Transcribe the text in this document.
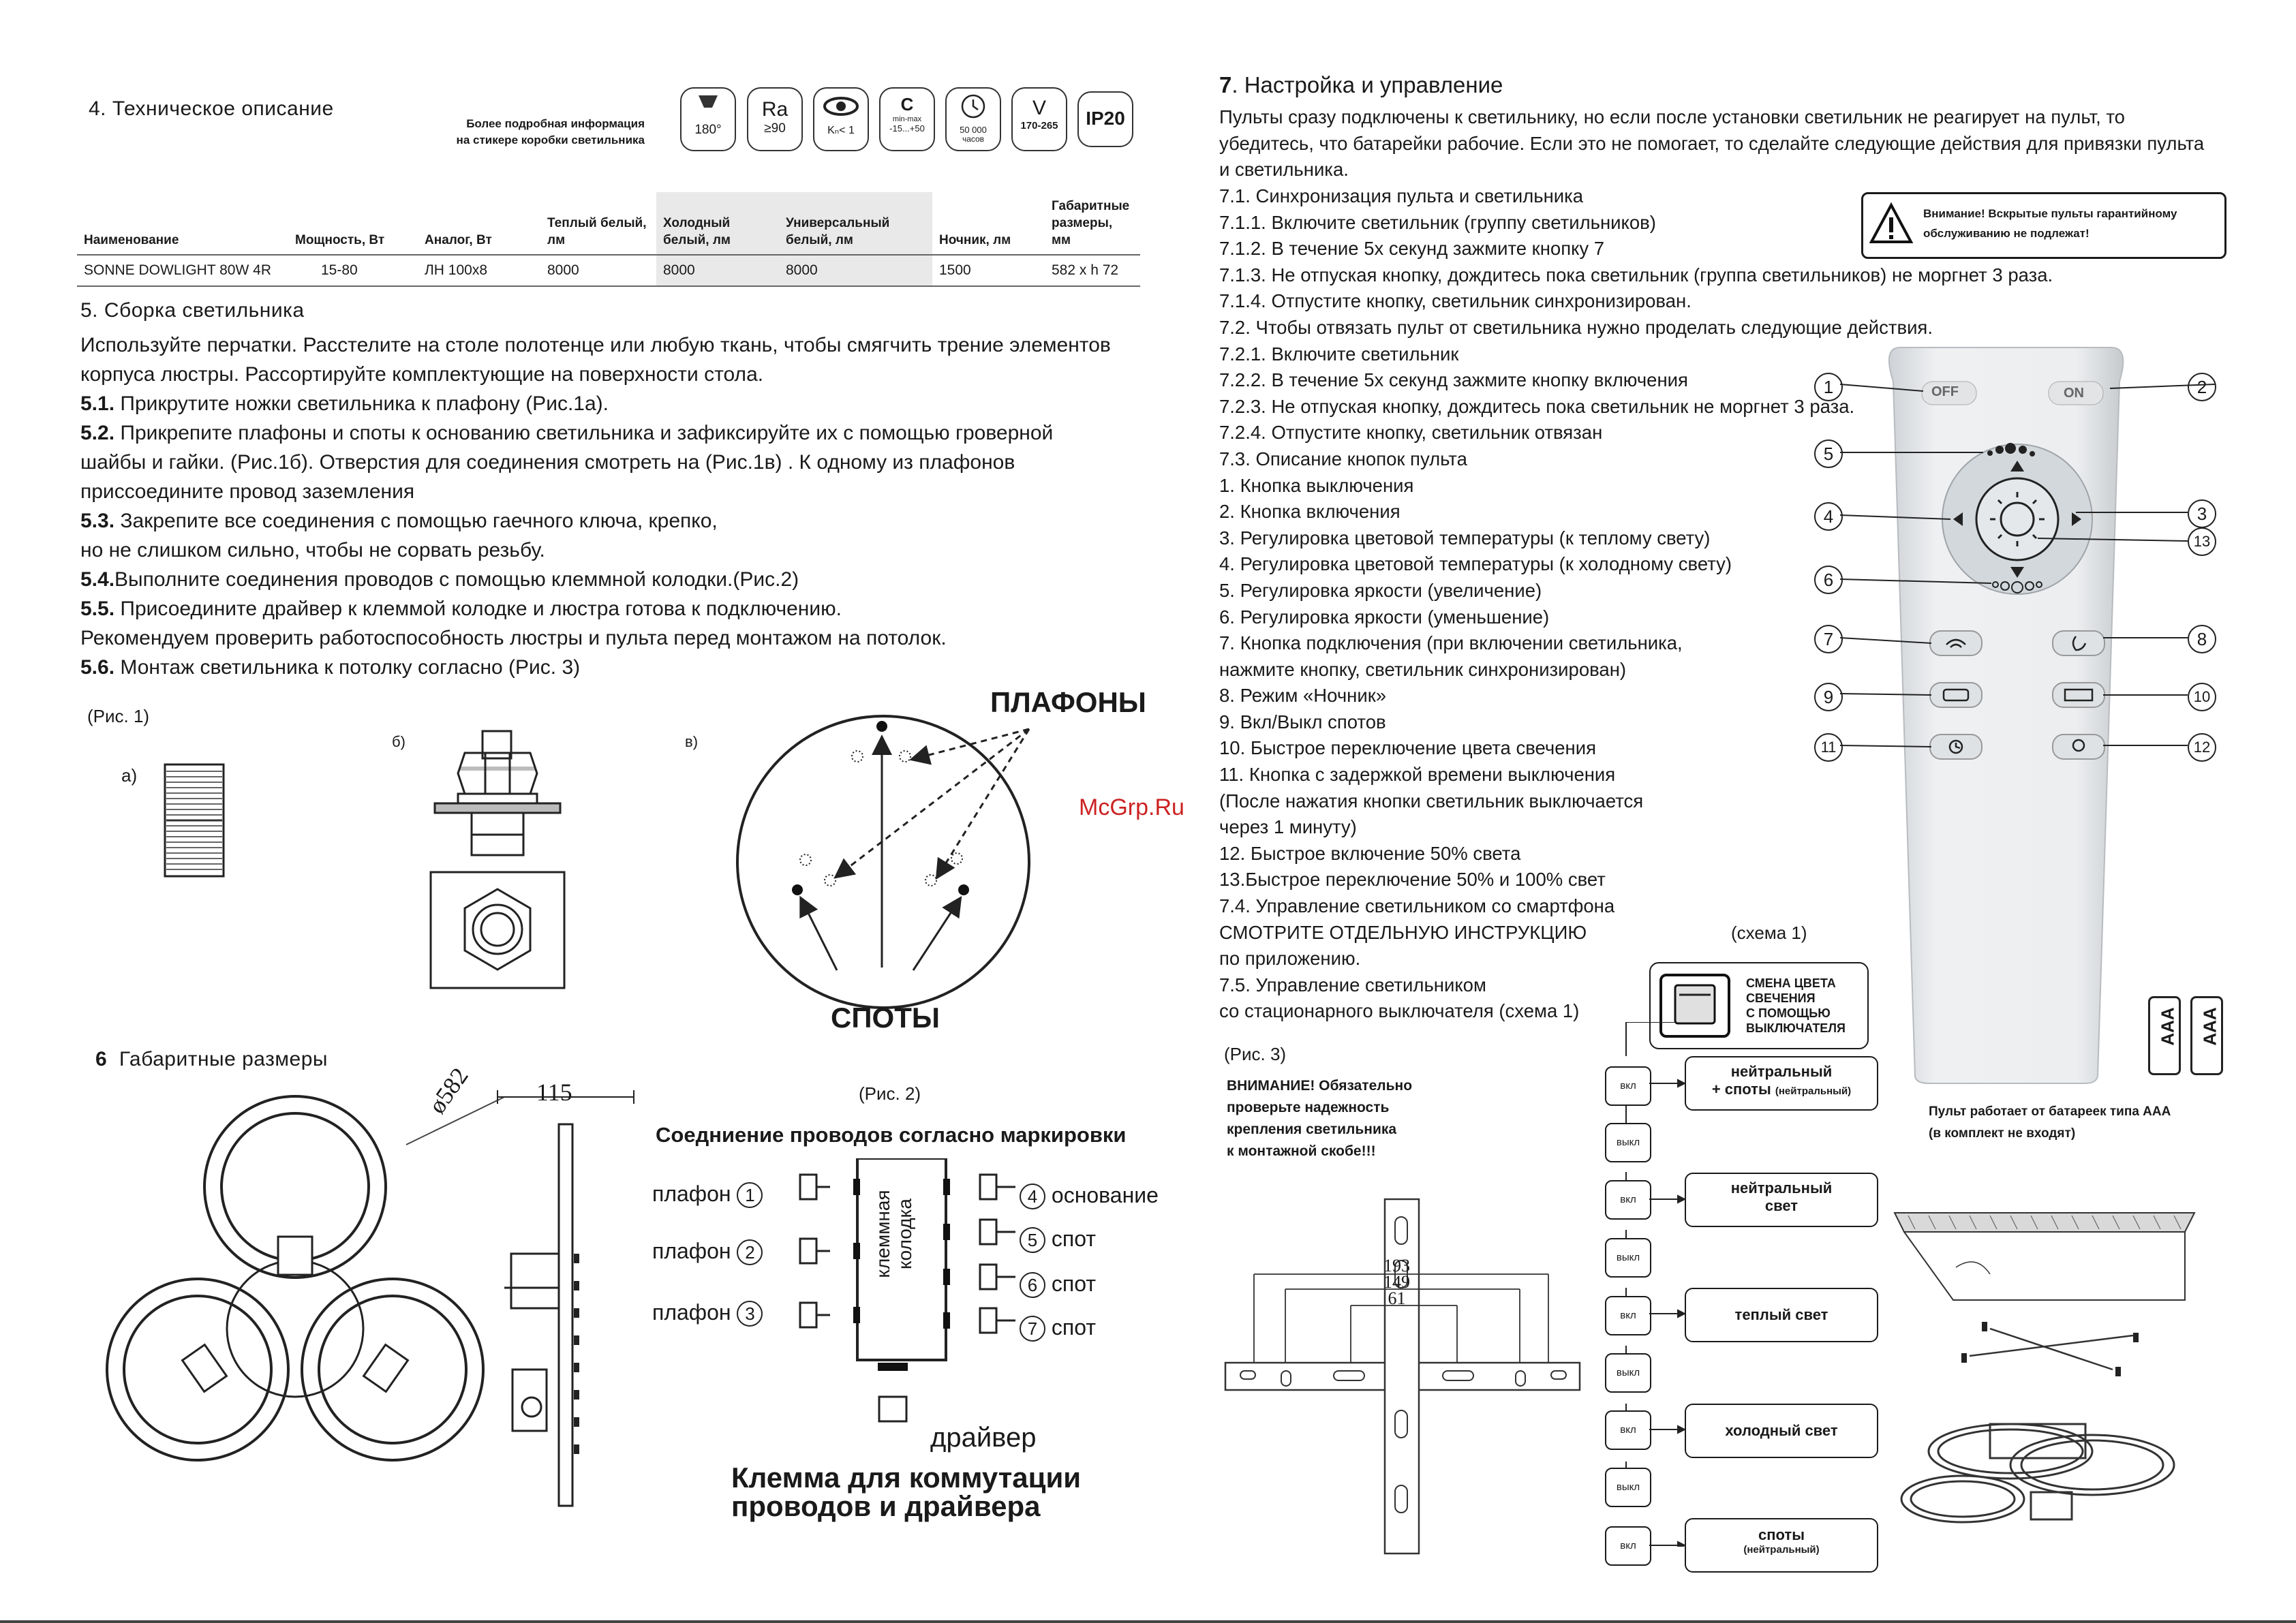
4. Техническое описание
Более подробная информация
на стикере коробки светильника
180°
Ra
≥90	Kₙ< 1
C
min-max
-15...+50	50 000
часов
V
170-265	IP20
Наименование	Мощность, Вт	Аналог, Вт	Теплый белый, лм	Холодный белый, лм	Универсальный белый, лм	Ночник, лм	Габаритные размеры, мм
SONNE DOWLIGHT 80W 4R	15-80	ЛН 100x8	8000	8000	8000	1500	582 x h 72
5. Сборка светильника
Используйте перчатки. Расстелите на столе полотенце или любую ткань, чтобы смягчить трение элементов
корпуса люстры. Рассортируйте комплектующие на поверхности стола.
5.1. Прикрутите ножки светильника к плафону (Рис.1а).
5.2. Прикрепите плафоны и споты к основанию светильника и зафиксируйте их с помощью гроверной
шайбы и гайки. (Рис.1б). Отверстия для соединения смотреть на (Рис.1в) . К одному из плафонов
присcоедините провод заземления
5.3. Закрепите все соединения с помощью гаечного ключа, крепко,
но не слишком сильно, чтобы не сорвать резьбу.
5.4.Выполните соединения проводов с помощью клеммной колодки.(Рис.2)
5.5. Присоедините драйвер к клеммой колодке и люстра готова к подключению.
Рекомендуем проверить работоспособность люстры и пульта перед монтажом на потолок.
5.6. Монтаж светильника к потолку согласно (Рис. 3)
(Рис. 1)
а)
б)	в)
ПЛАФОНЫ
СПОТЫ
6 Габаритные размеры
ø582	115	(Рис. 2)
Соедниение проводов согласно маркировки
клеммная колодка
плафон 1
плафон 2
плафон 3
4 основание
5 спот
6 спот
7 спот
драйвер
Клемма для коммутации
проводов и драйвера
7. Настройка и управление
Пульты сразу подключены к светильнику, но если после установки светильник не реагирует на пульт, то
убедитесь, что батарейки рабочие. Если это не помогает, то сделайте следующие действия для привязки пульта
и светильника.
7.1. Синхронизация пульта и светильника
7.1.1. Включите светильник (группу светильников)
7.1.2. В течение 5х секунд зажмите кнопку 7
7.1.3. Не отпуская кнопку, дождитесь пока светильник (группа светильников) не моргнет 3 раза.
7.1.4. Отпустите кнопку, светильник синхронизирован.
7.2. Чтобы отвязать пульт от светильника нужно проделать следующие действия.
7.2.1. Включите светильник
7.2.2. В течение 5х секунд зажмите кнопку включения
7.2.3. Не отпуская кнопку, дождитесь пока светильник не моргнет 3 раза.
7.2.4. Отпустите кнопку, светильник отвязан
7.3. Описание кнопок пульта
1. Кнопка выключения
2. Кнопка включения
3. Регулировка цветовой температуры (к теплому свету)
4. Регулировка цветовой температуры (к холодному свету)
5. Регулировка яркости (увеличение)
6. Регулировка яркости (уменьшение)
7. Кнопка подключения (при включении светильника,
нажмите кнопку, светильник синхронизирован)
8. Режим «Ночник»
9. Вкл/Выкл спотов
10. Быстрое переключение цвета свечения
11. Кнопка с задержкой времени выключения
(После нажатия кнопки светильник выключается
через 1 минуту)
12. Быстрое включение 50% света
13.Быстрое переключение 50% и 100% свет
7.4. Управление светильником со смартфона
СМОТРИТЕ ОТДЕЛЬНУЮ ИНСТРУКЦИЮ
по приложению.
7.5. Управление светильником
со стационарного выключателя (схема 1)
Внимание! Вскрытые пульты гарантийному
обслуживанию не подлежат!
OFF	ON
1	2
3
4
5
6
7	8
9	10
11	12
13
AAA AAA
Пульт работает от батареек типа AAA
(в комплект не входят)
McGrp.Ru
(схема 1)
СМЕНА ЦВЕТА
СВЕЧЕНИЯ
С ПОМОЩЬЮ
ВЫКЛЮЧАТЕЛЯ
вкл
выкл
вкл
выкл
вкл
выкл
вкл
выкл
вкл
нейтральный
+ споты (нейтральный)
нейтральный
свет
теплый свет
холодный свет
споты
(нейтральный)
(Рис. 3)
ВНИМАНИЕ! Обязательно
проверьте надежность
крепления светильника
к монтажной скобе!!!
193
149
61
